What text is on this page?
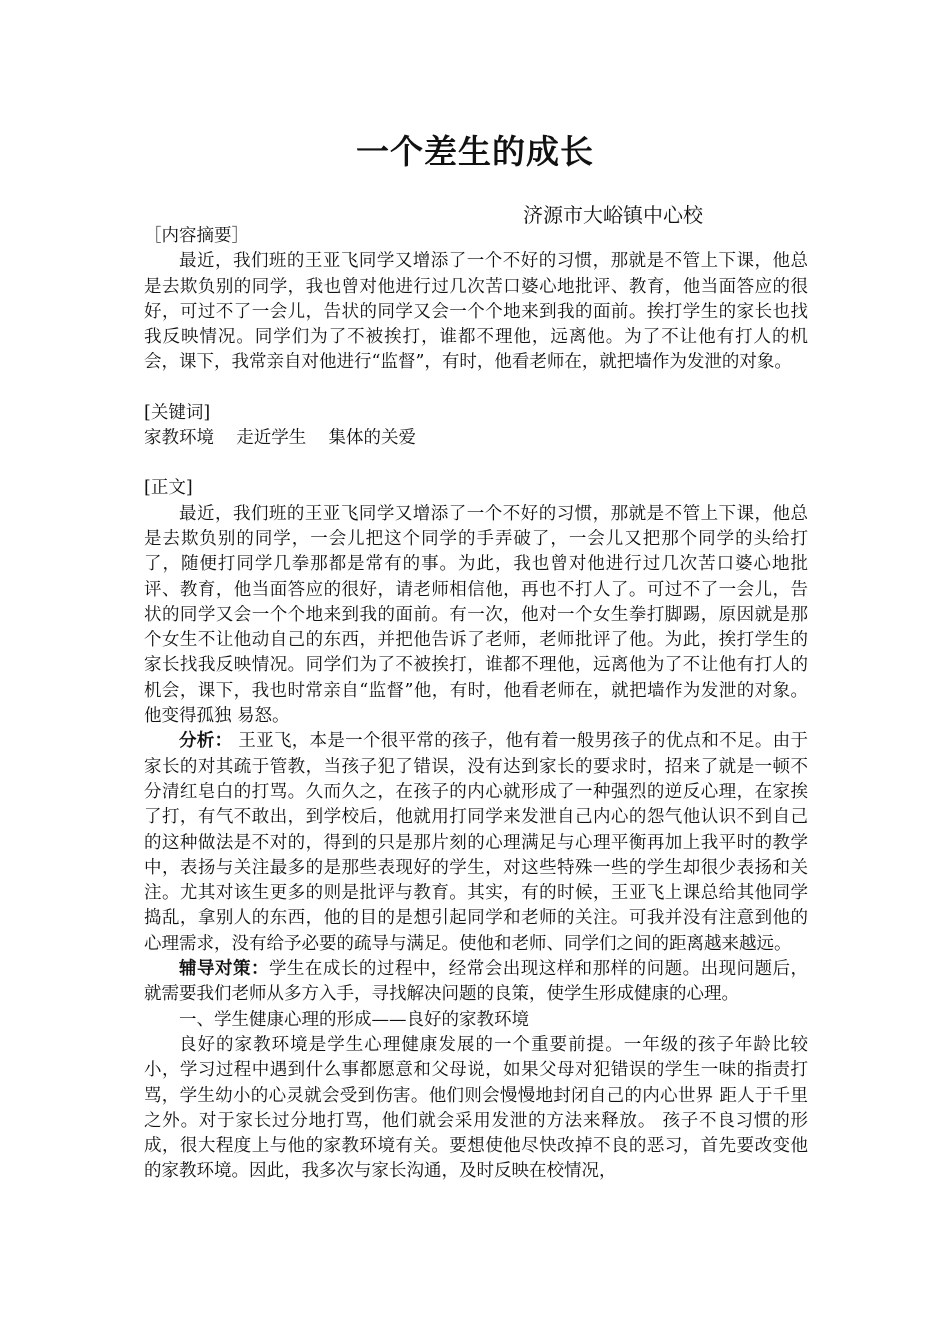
一个差生的成长
济源市大峪镇中心校

［内容摘要］

最近，我们班的王亚飞同学又增添了一个不好的习惯，那就是不管上下课，他总是去欺负别的同学，我也曾对他进行过几次苦口婆心地批评、教育，他当面答应的很好，可过不了一会儿，告状的同学又会一个个地来到我的面前。挨打学生的家长也找我反映情况。同学们为了不被挨打，谁都不理他，远离他。为了不让他有打人的机会，课下，我常亲自对他进行“监督”，有时，他看老师在，就把墙作为发泄的对象。

[关键词]

家教环境    走近学生    集体的关爱

[正文]

最近，我们班的王亚飞同学又增添了一个不好的习惯，那就是不管上下课，他总是去欺负别的同学，一会儿把这个同学的手弄破了，一会儿又把那个同学的头给打了，随便打同学几拳那都是常有的事。为此，我也曾对他进行过几次苦口婆心地批评、教育，他当面答应的很好，请老师相信他，再也不打人了。可过不了一会儿，告状的同学又会一个个地来到我的面前。有一次，他对一个女生拳打脚踢，原因就是那个女生不让他动自己的东西，并把他告诉了老师，老师批评了他。为此，挨打学生的家长找我反映情况。同学们为了不被挨打，谁都不理他，远离他为了不让他有打人的机会，课下，我也时常亲自“监督”他，有时，他看老师在，就把墙作为发泄的对象。他变得孤独 易怒。

分析： 王亚飞，本是一个很平常的孩子，他有着一般男孩子的优点和不足。由于家长的对其疏于管教，当孩子犯了错误，没有达到家长的要求时，招来了就是一顿不分清红皂白的打骂。久而久之，在孩子的内心就形成了一种强烈的逆反心理，在家挨了打，有气不敢出，到学校后，他就用打同学来发泄自己内心的怨气他认识不到自己的这种做法是不对的，得到的只是那片刻的心理满足与心理平衡再加上我平时的教学中，表扬与关注最多的是那些表现好的学生，对这些特殊一些的学生却很少表扬和关注。尤其对该生更多的则是批评与教育。其实，有的时候，王亚飞上课总给其他同学捣乱，拿别人的东西，他的目的是想引起同学和老师的关注。可我并没有注意到他的心理需求，没有给予必要的疏导与满足。使他和老师、同学们之间的距离越来越远。

辅导对策：学生在成长的过程中，经常会出现这样和那样的问题。出现问题后，就需要我们老师从多方入手，寻找解决问题的良策，使学生形成健康的心理。

一、学生健康心理的形成——良好的家教环境

良好的家教环境是学生心理健康发展的一个重要前提。一年级的孩子年龄比较小，学习过程中遇到什么事都愿意和父母说，如果父母对犯错误的学生一味的指责打骂，学生幼小的心灵就会受到伤害。他们则会慢慢地封闭自己的内心世界 距人于千里之外。对于家长过分地打骂，他们就会采用发泄的方法来释放。 孩子不良习惯的形成，很大程度上与他的家教环境有关。要想使他尽快改掉不良的恶习，首先要改变他的家教环境。因此，我多次与家长沟通，及时反映在校情况，
